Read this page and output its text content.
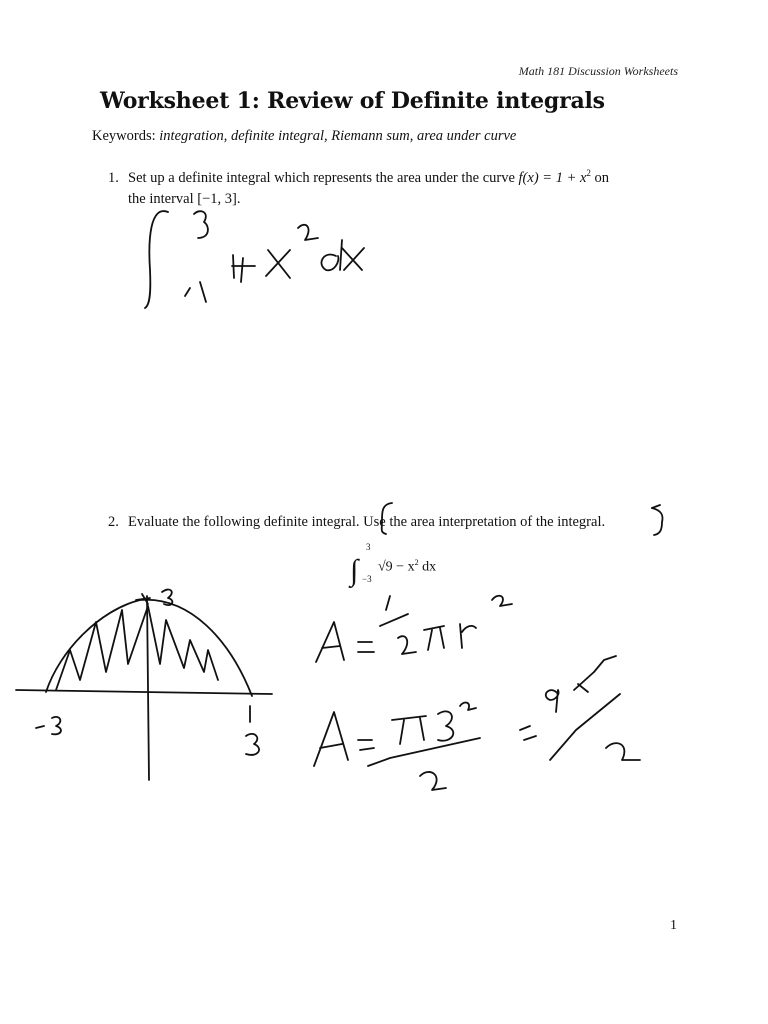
Math 181 Discussion Worksheets
Worksheet 1: Review of Definite integrals
Keywords: integration, definite integral, Riemann sum, area under curve
1. Set up a definite integral which represents the area under the curve $f(x) = 1 + x^2$ on
the interval [−1, 3].
2. Evaluate the following definite integral. Use the area interpretation of the integral.
∫
3
−3
$√9 - x^2$ dx
1
